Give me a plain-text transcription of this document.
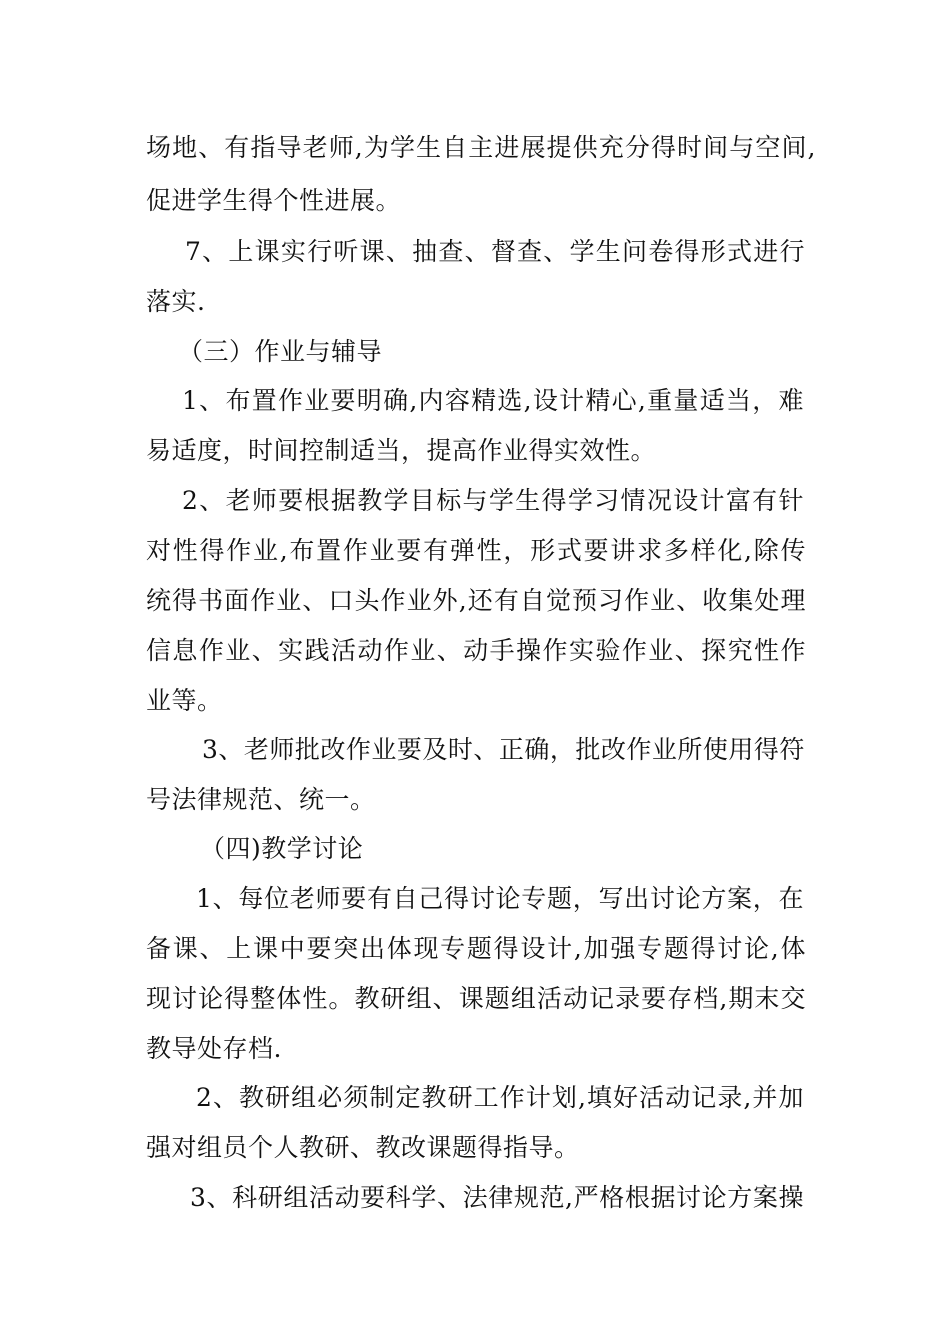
场地、有指导老师,为学生自主进展提供充分得时间与空间,
促进学生得个性进展。
7、上课实行听课、抽查、督查、学生问卷得形式进行
落实.
（三）作业与辅导
1、布置作业要明确,内容精选,设计精心,重量适当，难
易适度，时间控制适当，提高作业得实效性。
2、老师要根据教学目标与学生得学习情况设计富有针
对性得作业,布置作业要有弹性，形式要讲求多样化,除传
统得书面作业、口头作业外,还有自觉预习作业、收集处理
信息作业、实践活动作业、动手操作实验作业、探究性作
业等。
3、老师批改作业要及时、正确，批改作业所使用得符
号法律规范、统一。
（四)教学讨论
1、每位老师要有自己得讨论专题，写出讨论方案，在
备课、上课中要突出体现专题得设计,加强专题得讨论,体
现讨论得整体性。教研组、课题组活动记录要存档,期末交
教导处存档.
2、教研组必须制定教研工作计划,填好活动记录,并加
强对组员个人教研、教改课题得指导。
3、科研组活动要科学、法律规范,严格根据讨论方案操
